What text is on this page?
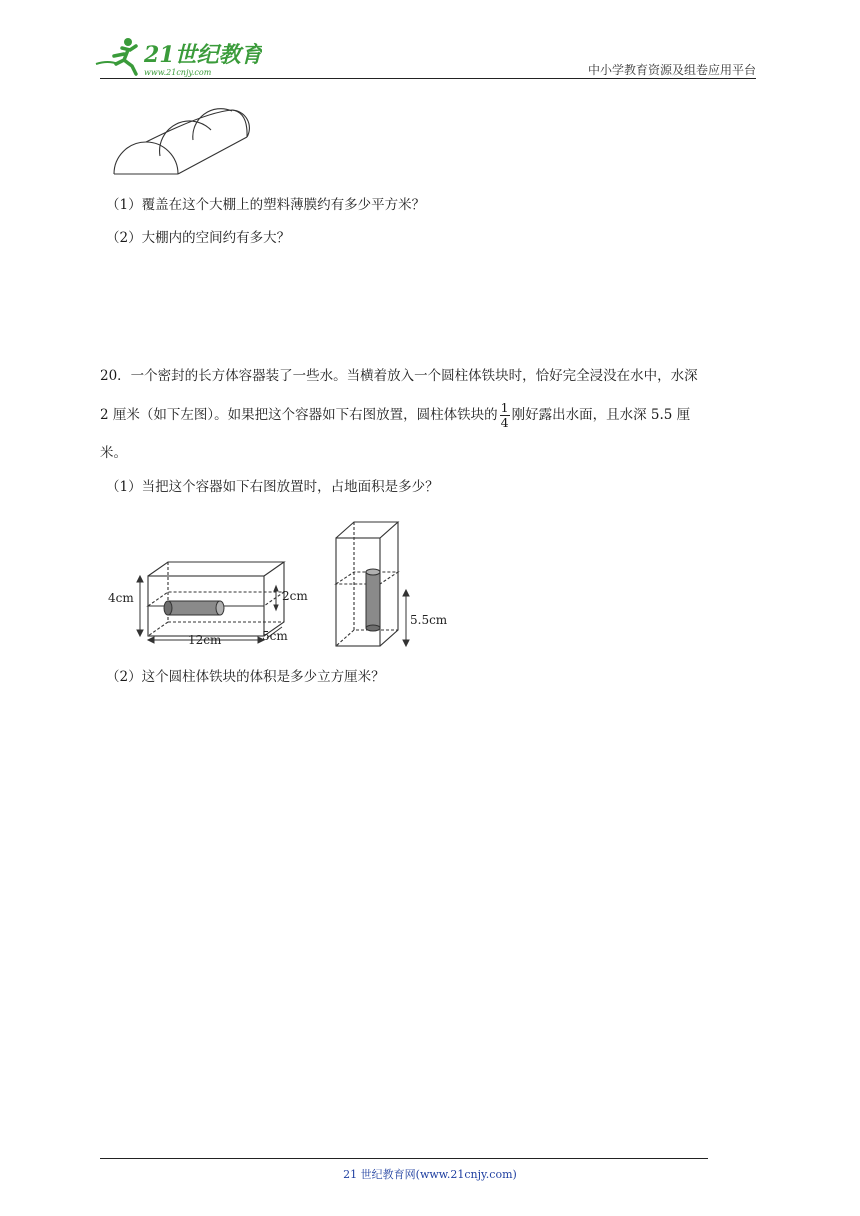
21世纪教育
www.21cnjy.com	中小学教育资源及组卷应用平台
（1）覆盖在这个大棚上的塑料薄膜约有多少平方米？
（2）大棚内的空间约有多大？
20．一个密封的长方体容器装了一些水。当横着放入一个圆柱体铁块时，恰好完全浸没在水中，水深
2 厘米（如下左图）。如果把这个容器如下右图放置，圆柱体铁块的 $\frac{1}{4}$ 刚好露出水面，且水深 5.5 厘
米。
（1）当把这个容器如下右图放置时，占地面积是多少？
4cm	2cm
12cm	5cm
5.5cm
（2）这个圆柱体铁块的体积是多少立方厘米？
21 世纪教育网(www.21cnjy.com)
